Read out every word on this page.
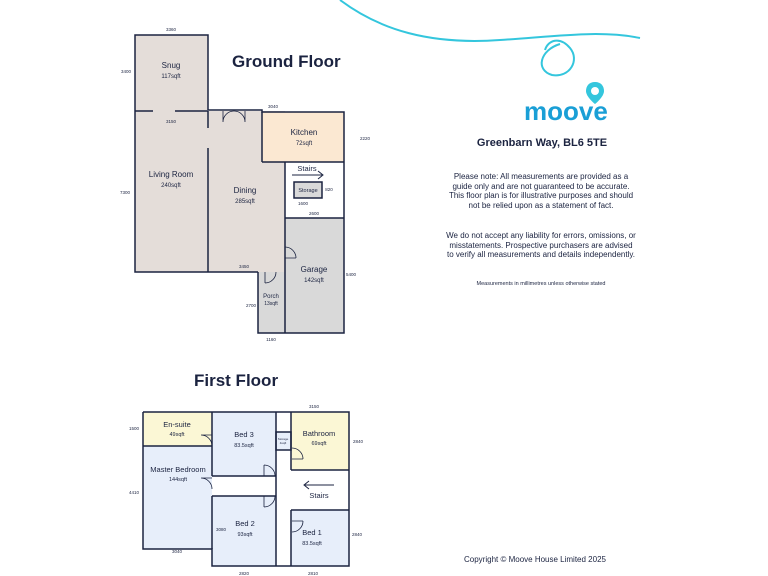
moove
Greenbarn Way, BL6 5TE
Please note: All measurements are provided as a guide only and are not guaranteed to be accurate. This floor plan is for illustrative purposes and should not be relied upon as a statement of fact.
We do not accept any liability for errors, omissions, or misstatements. Prospective purchasers are advised to verify all measurements and details independently.
Measurements in millimetres unless otherwise stated
Copyright © Moove House Limited 2025
Ground Floor
First Floor
Snug
117sqft
Living Room
240sqft	Dining
285sqft
Kitchen
72sqft
Stairs
Storage
Garage
142sqft
Porch
13sqft
3360
3400
3150
3040
2220
7300
820
1600
2600
3450
5400
2700
1160
En-suite
49sqft	Bed 3
83.5sqft
Bathroom
69sqft
Storage
4sqft
Master Bedroom
144sqft
Stairs
Bed 2
93sqft	Bed 1
83.5sqft
1500
3150
2840
4410
3080
3040
2840
2820	2810
